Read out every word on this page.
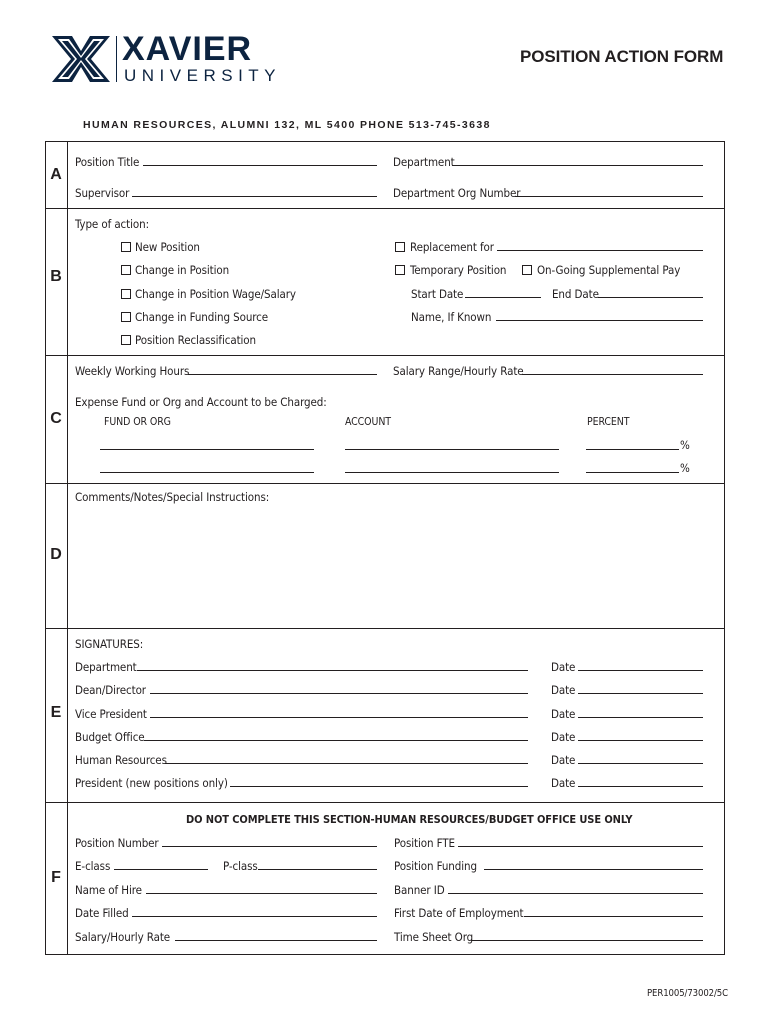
XAVIER
UNIVERSITY
POSITION ACTION FORM
HUMAN RESOURCES, ALUMNI 132, ML 5400 PHONE 513-745-3638
A
B
C
D
E
F
Position Title	Department
Supervisor	Department Org Number
Type of action:
New Position
Change in Position
Change in Position Wage/Salary
Change in Funding Source
Position Reclassification
Replacement for
Temporary Position	On-Going Supplemental Pay
Start Date	End Date
Name, If Known
Weekly Working Hours	Salary Range/Hourly Rate
Expense Fund or Org and Account to be Charged:
FUND OR ORG	ACCOUNT	PERCENT
%
%
Comments/Notes/Special Instructions:
SIGNATURES:
Department	Date
Dean/Director	Date
Vice President	Date
Budget Office	Date
Human Resources	Date
President (new positions only)	Date
DO NOT COMPLETE THIS SECTION-HUMAN RESOURCES/BUDGET OFFICE USE ONLY
Position Number	Position FTE
E-class	P-class	Position Funding
Name of Hire	Banner ID
Date Filled	First Date of Employment
Salary/Hourly Rate	Time Sheet Org
PER1005/73002/5C
